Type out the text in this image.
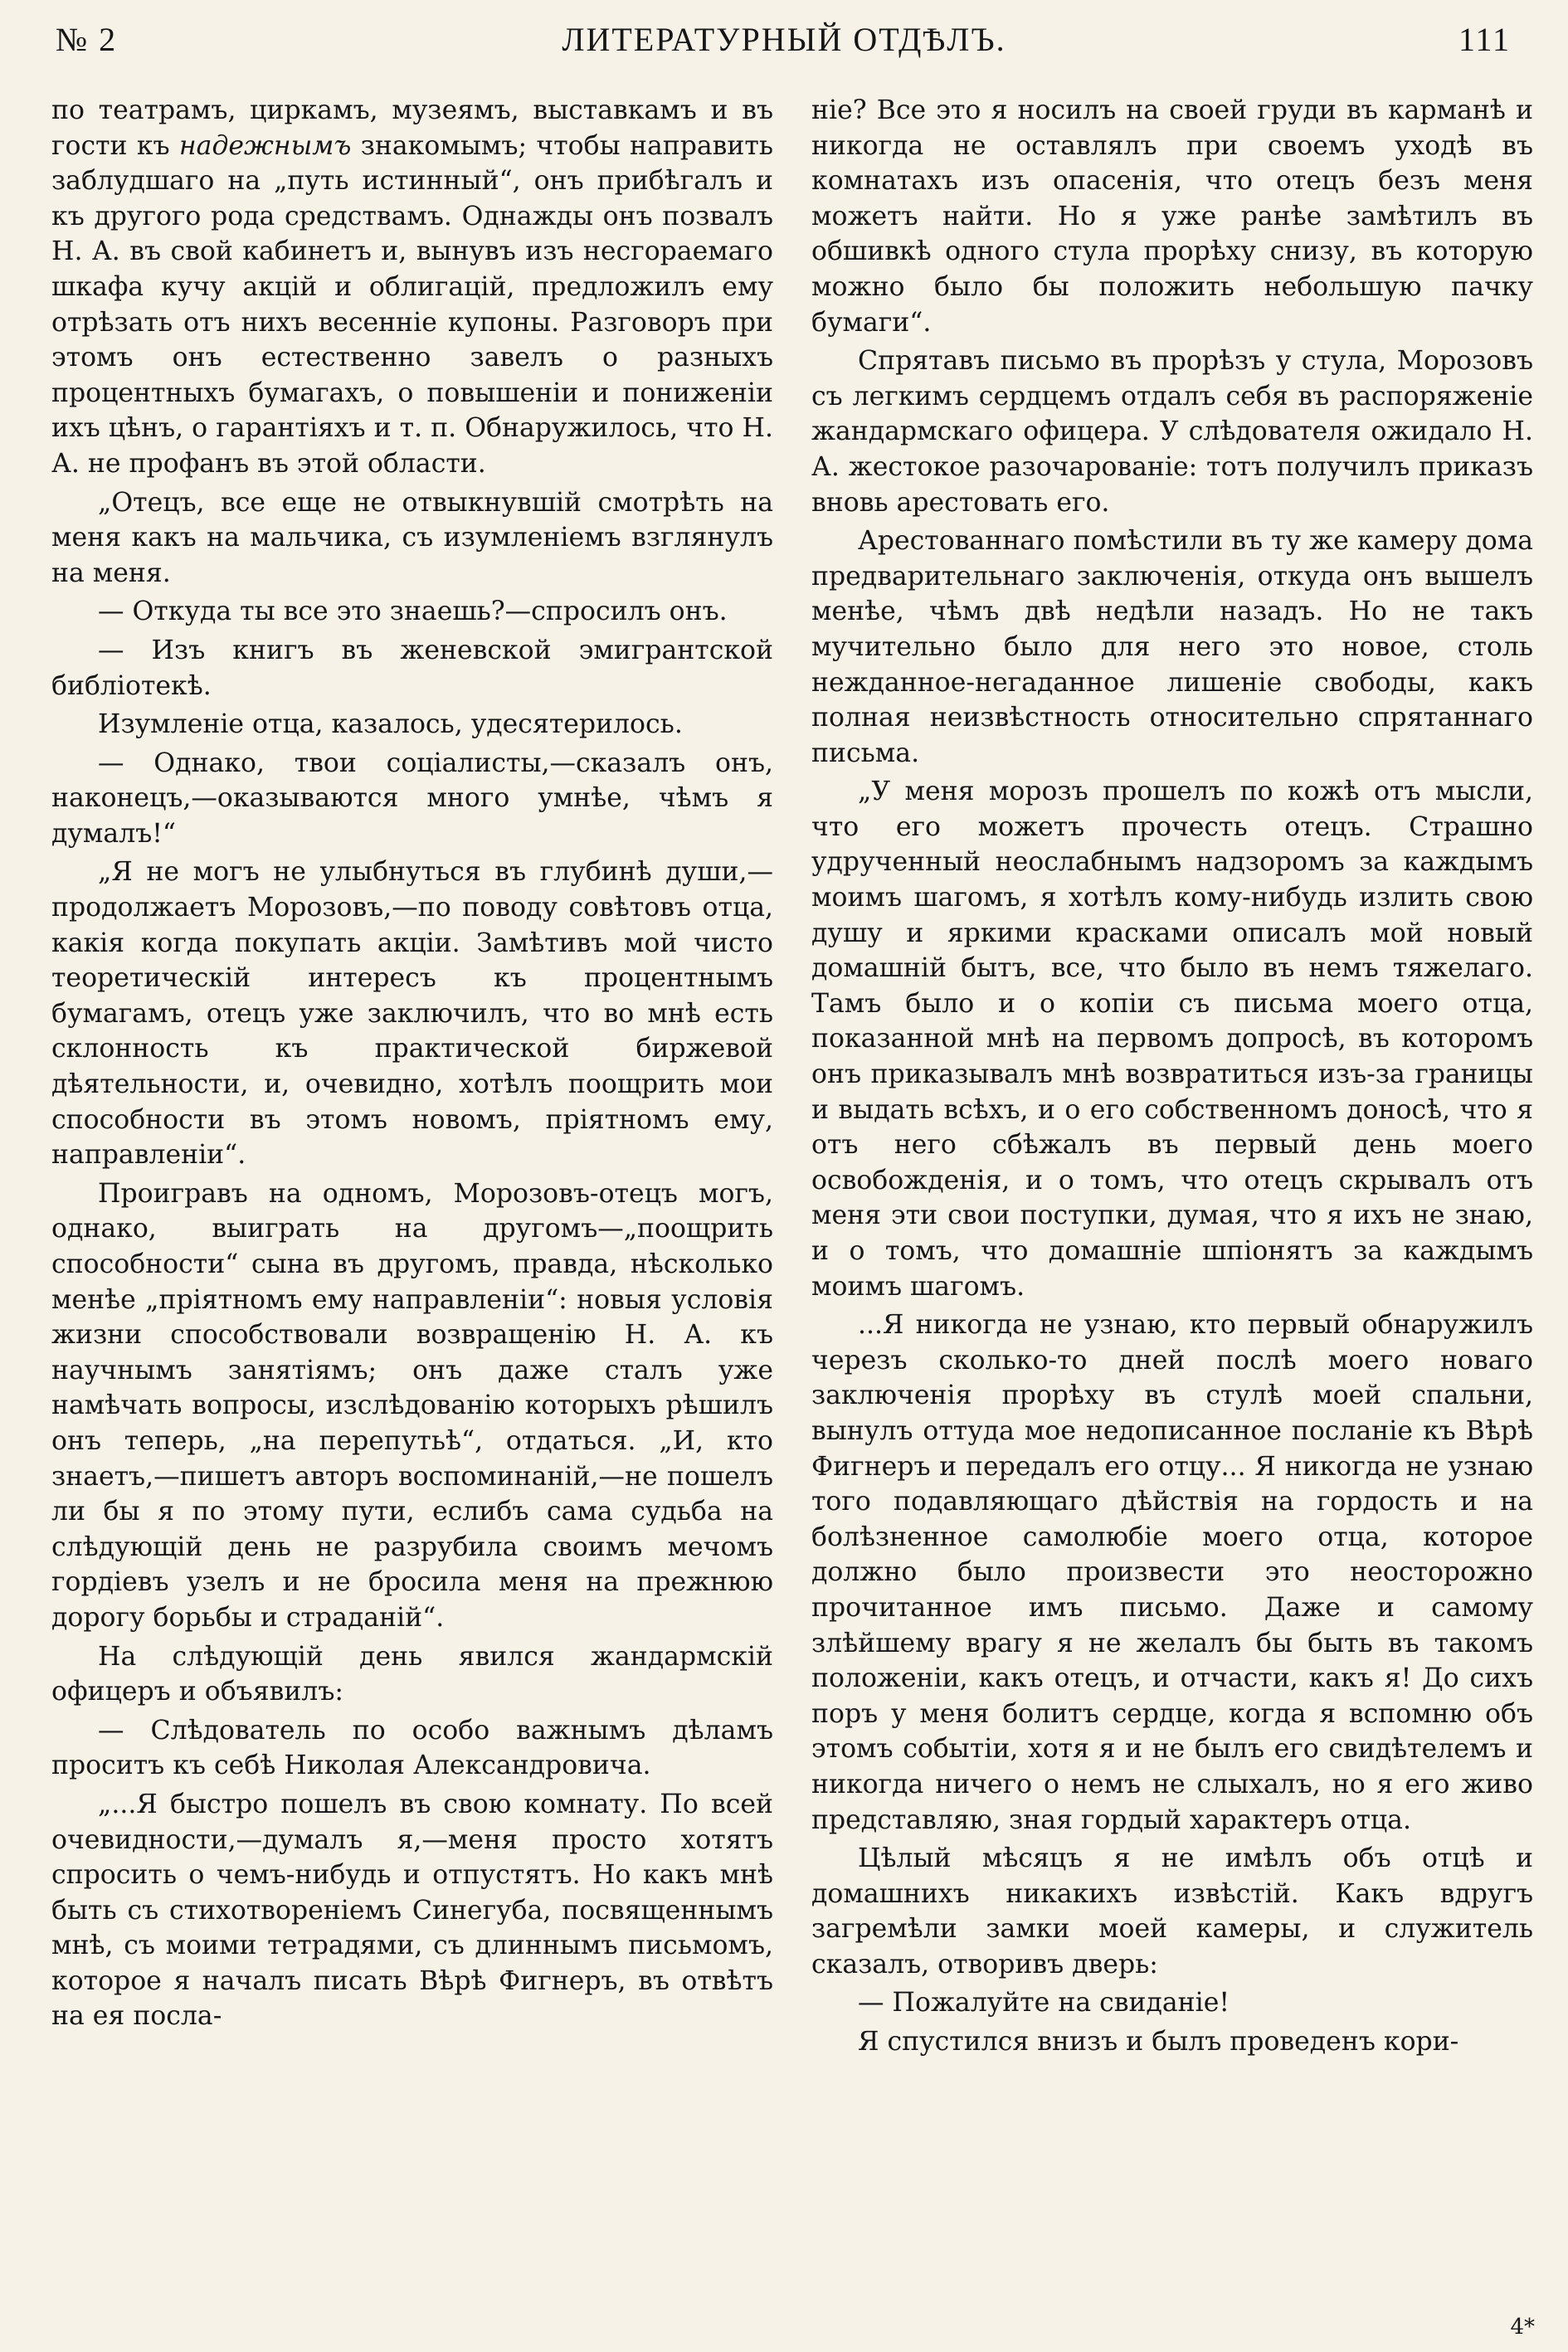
№ 2	ЛИТЕРАТУРНЫЙ ОТДѢЛЪ.	111

по театрамъ, циркамъ, музеямъ, выставкамъ и въ гости къ надежнымъ знакомымъ; чтобы направить заблудшаго на „путь истинный“, онъ прибѣгалъ и къ другого рода средствамъ. Однажды онъ позвалъ Н. А. въ свой кабинетъ и, вынувъ изъ несгораемаго шкафа кучу акцій и облигацій, предложилъ ему отрѣзать отъ нихъ весенніе купоны. Разговоръ при этомъ онъ естественно завелъ о разныхъ процентныхъ бумагахъ, о повышеніи и пониженіи ихъ цѣнъ, о гарантіяхъ и т. п. Обнаружилось, что Н. А. не профанъ въ этой области.

„Отецъ, все еще не отвыкнувшій смотрѣть на меня какъ на мальчика, съ изумленіемъ взглянулъ на меня.

— Откуда ты все это знаешь?—спросилъ онъ.

— Изъ книгъ въ женевской эмигрантской библіотекѣ.

Изумленіе отца, казалось, удесятерилось.

— Однако, твои соціалисты,—сказалъ онъ, наконецъ,—оказываются много умнѣе, чѣмъ я думалъ!“

„Я не могъ не улыбнуться въ глубинѣ души,—продолжаетъ Морозовъ,—по поводу совѣтовъ отца, какія когда покупать акціи. Замѣтивъ мой чисто теоретическій интересъ къ процентнымъ бумагамъ, отецъ уже заключилъ, что во мнѣ есть склонность къ практической биржевой дѣятельности, и, очевидно, хотѣлъ поощрить мои способности въ этомъ новомъ, пріятномъ ему, направленіи“.

Проигравъ на одномъ, Морозовъ-отецъ могъ, однако, выиграть на другомъ—„поощрить способности“ сына въ другомъ, правда, нѣсколько менѣе „пріятномъ ему направленіи“: новыя условія жизни способствовали возвращенію Н. А. къ научнымъ занятіямъ; онъ даже сталъ уже намѣчать вопросы, изслѣдованію которыхъ рѣшилъ онъ теперь, „на перепутьѣ“, отдаться. „И, кто знаетъ,—пишетъ авторъ воспоминаній,—не пошелъ ли бы я по этому пути, еслибъ сама судьба на слѣдующій день не разрубила своимъ мечомъ гордіевъ узелъ и не бросила меня на прежнюю дорогу борьбы и страданій“.

На слѣдующій день явился жандармскій офицеръ и объявилъ:

— Слѣдователь по особо важнымъ дѣламъ проситъ къ себѣ Николая Александровича.

„...Я быстро пошелъ въ свою комнату. По всей очевидности,—думалъ я,—меня просто хотятъ спросить о чемъ-нибудь и отпустятъ. Но какъ мнѣ быть съ стихотвореніемъ Синегуба, посвященнымъ мнѣ, съ моими тетрадями, съ длиннымъ письмомъ, которое я началъ писать Вѣрѣ Фигнеръ, въ отвѣтъ на ея посла-

ніе? Все это я носилъ на своей груди въ карманѣ и никогда не оставлялъ при своемъ уходѣ въ комнатахъ изъ опасенія, что отецъ безъ меня можетъ найти. Но я уже ранѣе замѣтилъ въ обшивкѣ одного стула прорѣху снизу, въ которую можно было бы положить небольшую пачку бумаги“.

Спрятавъ письмо въ прорѣзъ у стула, Морозовъ съ легкимъ сердцемъ отдалъ себя въ распоряженіе жандармскаго офицера. У слѣдователя ожидало Н. А. жестокое разочарованіе: тотъ получилъ приказъ вновь арестовать его.

Арестованнаго помѣстили въ ту же камеру дома предварительнаго заключенія, откуда онъ вышелъ менѣе, чѣмъ двѣ недѣли назадъ. Но не такъ мучительно было для него это новое, столь нежданное-негаданное лишеніе свободы, какъ полная неизвѣстность относительно спрятаннаго письма.

„У меня морозъ прошелъ по кожѣ отъ мысли, что его можетъ прочесть отецъ. Страшно удрученный неослабнымъ надзоромъ за каждымъ моимъ шагомъ, я хотѣлъ кому-нибудь излить свою душу и яркими красками описалъ мой новый домашній бытъ, все, что было въ немъ тяжелаго. Тамъ было и о копіи съ письма моего отца, показанной мнѣ на первомъ допросѣ, въ которомъ онъ приказывалъ мнѣ возвратиться изъ-за границы и выдать всѣхъ, и о его собственномъ доносѣ, что я отъ него сбѣжалъ въ первый день моего освобожденія, и о томъ, что отецъ скрывалъ отъ меня эти свои поступки, думая, что я ихъ не знаю, и о томъ, что домашніе шпіонятъ за каждымъ моимъ шагомъ.

...Я никогда не узнаю, кто первый обнаружилъ черезъ сколько-то дней послѣ моего новаго заключенія прорѣху въ стулѣ моей спальни, вынулъ оттуда мое недописанное посланіе къ Вѣрѣ Фигнеръ и передалъ его отцу... Я никогда не узнаю того подавляющаго дѣйствія на гордость и на болѣзненное самолюбіе моего отца, которое должно было произвести это неосторожно прочитанное имъ письмо. Даже и самому злѣйшему врагу я не желалъ бы быть въ такомъ положеніи, какъ отецъ, и отчасти, какъ я! До сихъ поръ у меня болитъ сердце, когда я вспомню объ этомъ событіи, хотя я и не былъ его свидѣтелемъ и никогда ничего о немъ не слыхалъ, но я его живо представляю, зная гордый характеръ отца.

Цѣлый мѣсяцъ я не имѣлъ объ отцѣ и домашнихъ никакихъ извѣстій. Какъ вдругъ загремѣли замки моей камеры, и служитель сказалъ, отворивъ дверь:

— Пожалуйте на свиданіе!

Я спустился внизъ и былъ проведенъ кори-

4*
